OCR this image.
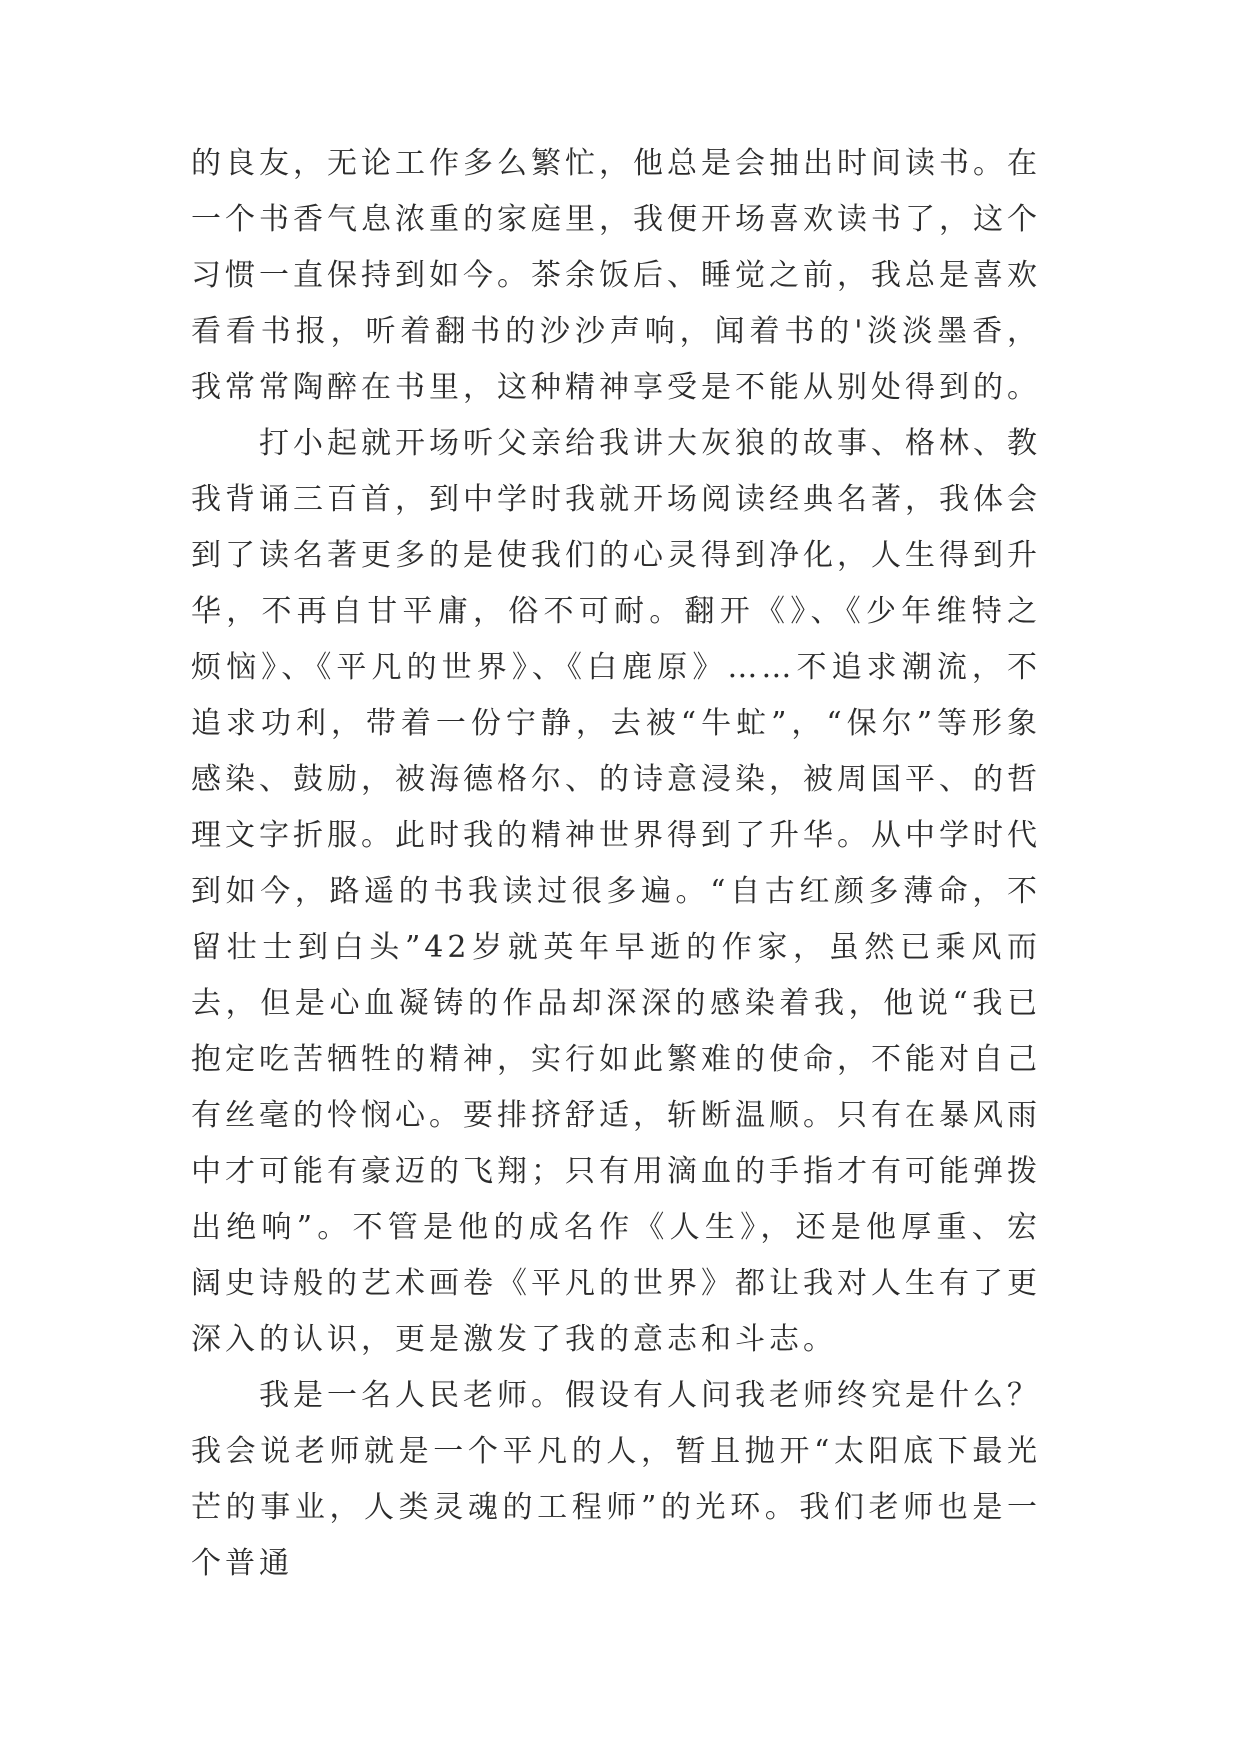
的良友，无论工作多么繁忙，他总是会抽出时间读书。在一个书香气息浓重的家庭里，我便开场喜欢读书了，这个习惯一直保持到如今。茶余饭后、睡觉之前，我总是喜欢看看书报，听着翻书的沙沙声响，闻着书的'淡淡墨香，我常常陶醉在书里，这种精神享受是不能从别处得到的。

打小起就开场听父亲给我讲大灰狼的故事、格林、教我背诵三百首，到中学时我就开场阅读经典名著，我体会到了读名著更多的是使我们的心灵得到净化，人生得到升华，不再自甘平庸，俗不可耐。翻开《》、《少年维特之烦恼》、《平凡的世界》、《白鹿原》……不追求潮流，不追求功利，带着一份宁静，去被“牛虻”，“保尔”等形象感染、鼓励，被海德格尔、的诗意浸染，被周国平、的哲理文字折服。此时我的精神世界得到了升华。从中学时代到如今，路遥的书我读过很多遍。“自古红颜多薄命，不留壮士到白头”42岁就英年早逝的作家，虽然已乘风而去，但是心血凝铸的作品却深深的感染着我，他说“我已抱定吃苦牺牲的精神，实行如此繁难的使命，不能对自己有丝毫的怜悯心。要排挤舒适，斩断温顺。只有在暴风雨中才可能有豪迈的飞翔；只有用滴血的手指才有可能弹拨出绝响”。不管是他的成名作《人生》，还是他厚重、宏阔史诗般的艺术画卷《平凡的世界》都让我对人生有了更深入的认识，更是激发了我的意志和斗志。

我是一名人民老师。假设有人问我老师终究是什么？我会说老师就是一个平凡的人，暂且抛开“太阳底下最光芒的事业，人类灵魂的工程师”的光环。我们老师也是一个普通
